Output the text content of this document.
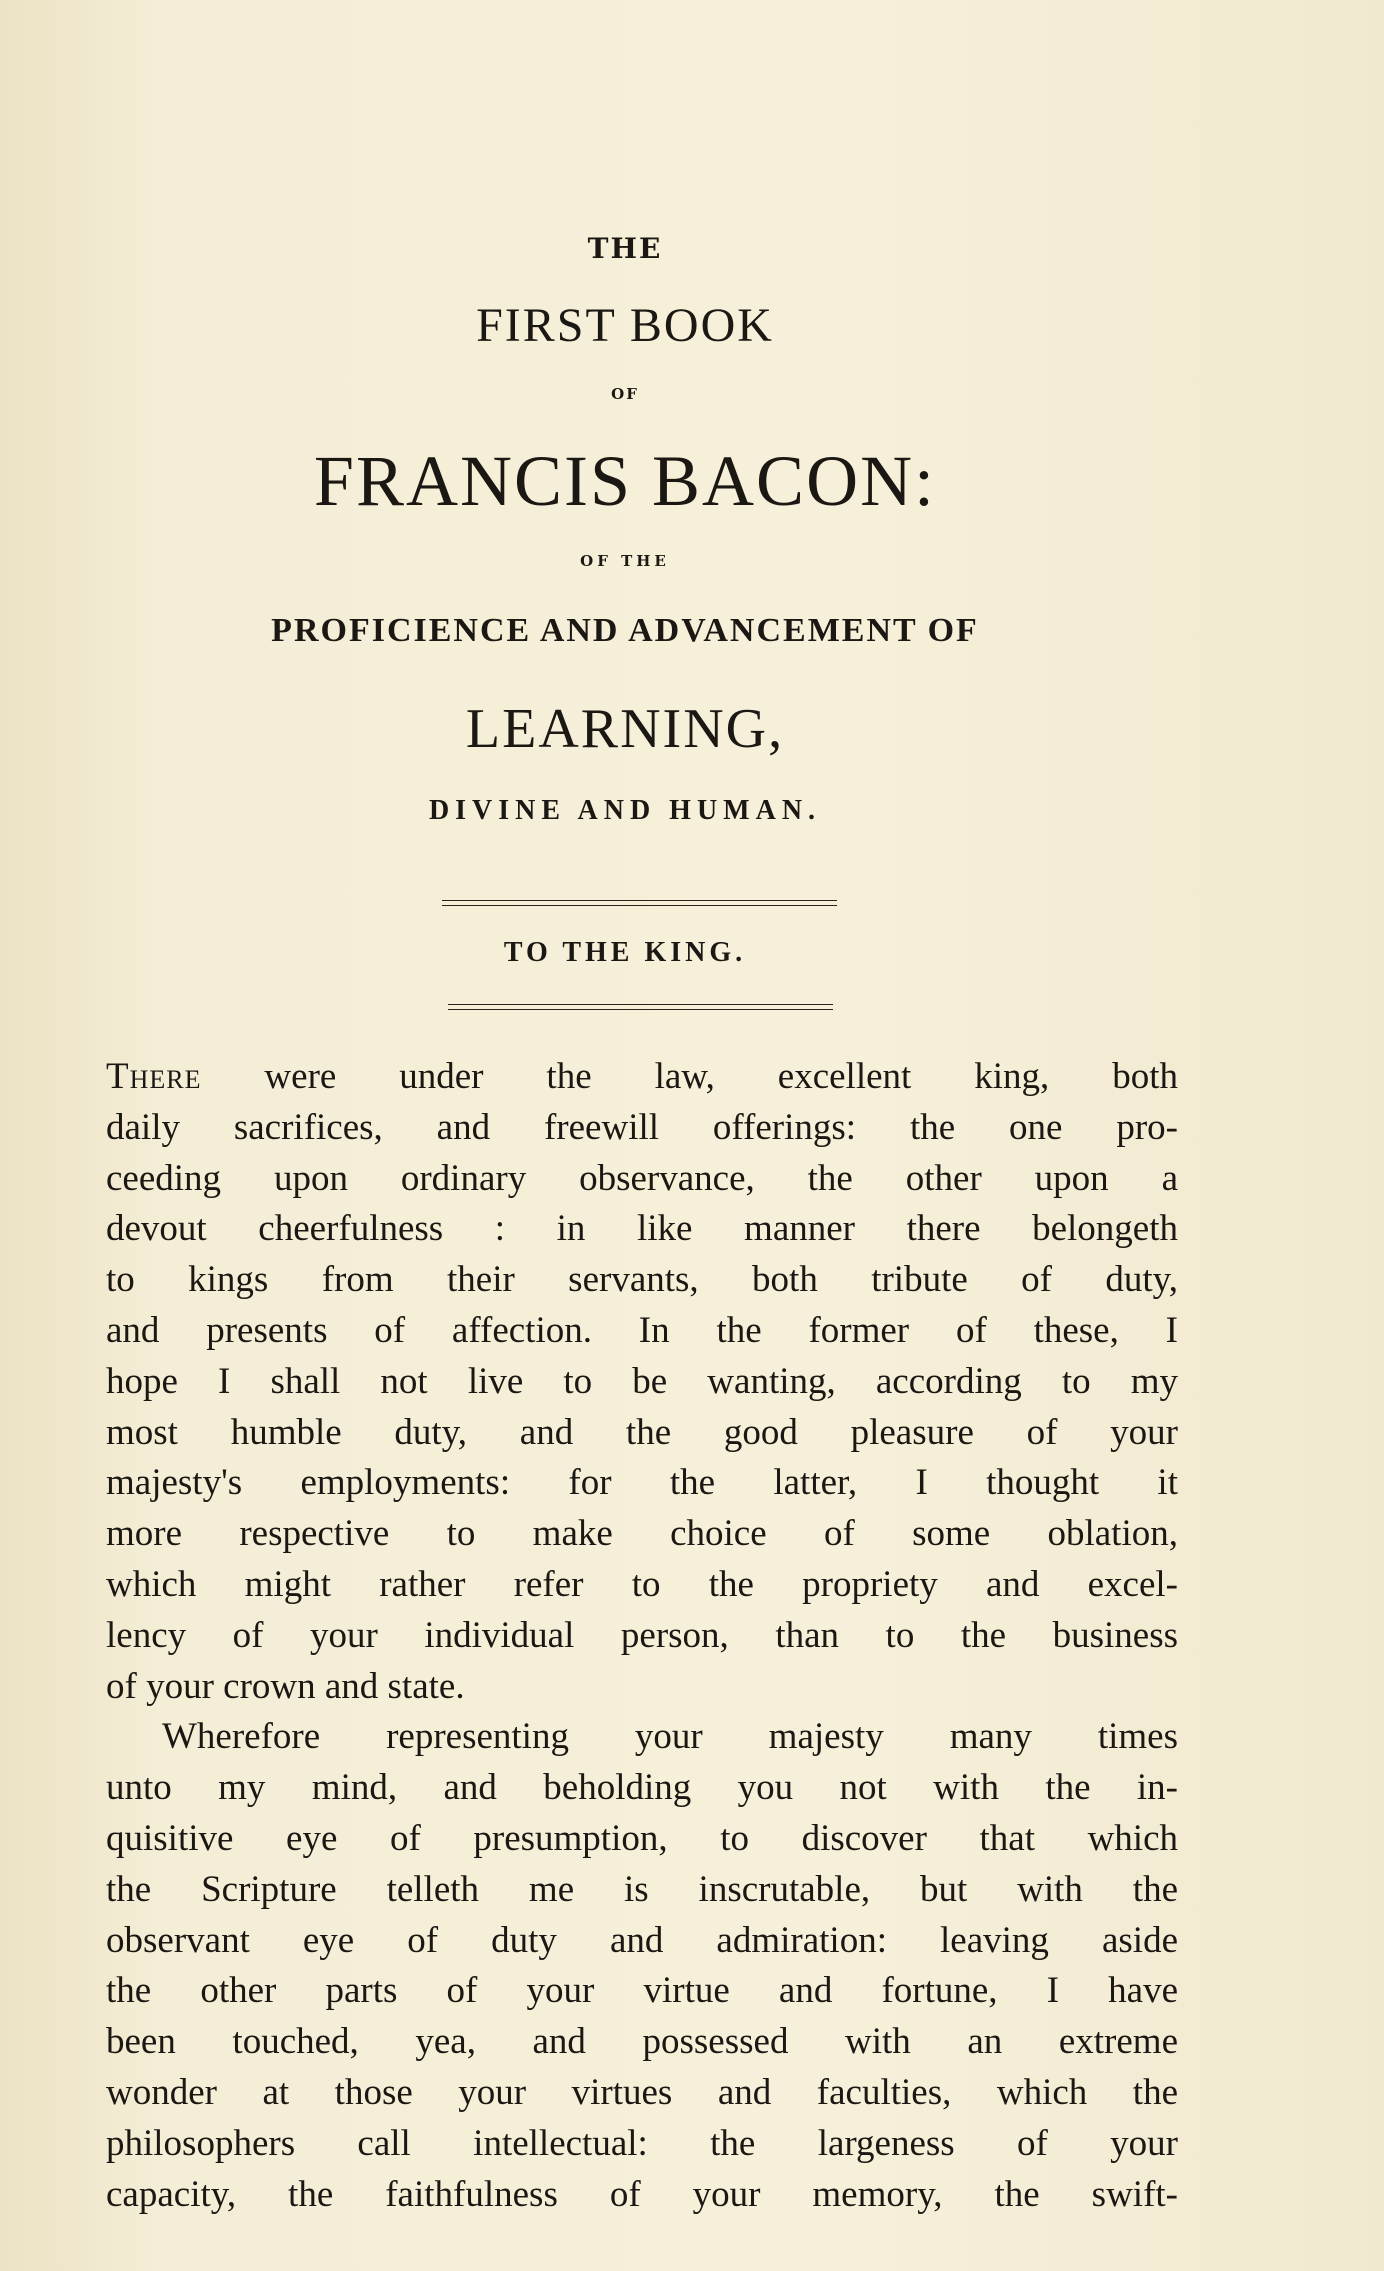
THE
FIRST BOOK
OF
FRANCIS BACON:
OF THE
PROFICIENCE AND ADVANCEMENT OF
LEARNING,
DIVINE AND HUMAN.
TO THE KING.
There were under the law, excellent king, both
daily sacrifices, and freewill offerings: the one pro-
ceeding upon ordinary observance, the other upon a
devout cheerfulness : in like manner there belongeth
to kings from their servants, both tribute of duty,
and presents of affection. In the former of these, I
hope I shall not live to be wanting, according to my
most humble duty, and the good pleasure of your
majesty's employments: for the latter, I thought it
more respective to make choice of some oblation,
which might rather refer to the propriety and excel-
lency of your individual person, than to the business
of your crown and state.
Wherefore representing your majesty many times
unto my mind, and beholding you not with the in-
quisitive eye of presumption, to discover that which
the Scripture telleth me is inscrutable, but with the
observant eye of duty and admiration: leaving aside
the other parts of your virtue and fortune, I have
been touched, yea, and possessed with an extreme
wonder at those your virtues and faculties, which the
philosophers call intellectual: the largeness of your
capacity, the faithfulness of your memory, the swift-
